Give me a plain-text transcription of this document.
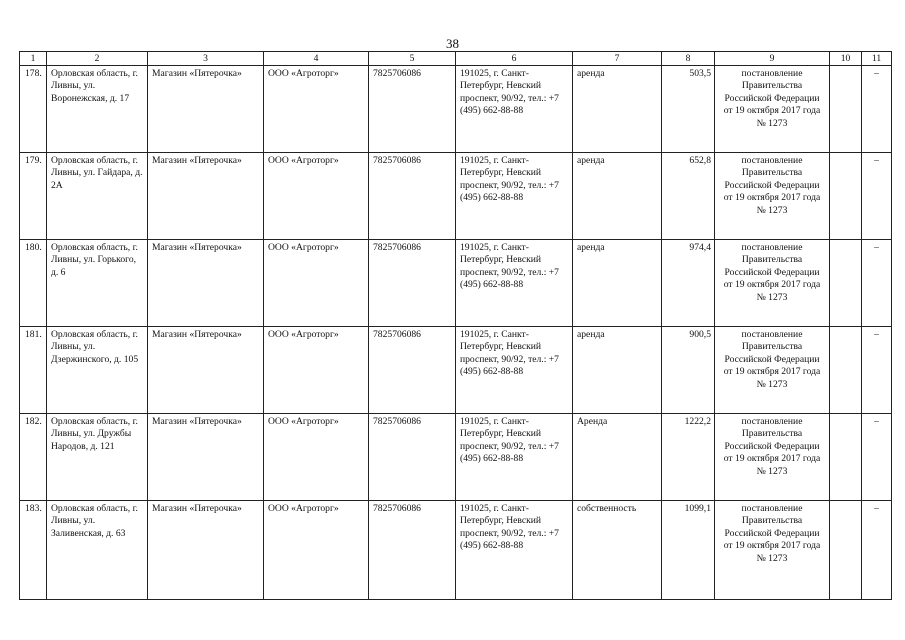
38
1	2	3	4	5	6	7	8	9	10	11
178.	Орловская область, г. Ливны, ул. Воронежская, д. 17	Магазин «Пятерочка»	ООО «Агроторг»	7825706086	191025, г. Санкт-Петербург, Невский проспект, 90/92, тел.: +7 (495) 662-88-88	аренда	503,5	постановление Правительства Российской Федерации от 19 октября 2017 года № 1273		–
179.	Орловская область, г. Ливны, ул. Гайдара, д. 2А	Магазин «Пятерочка»	ООО «Агроторг»	7825706086	191025, г. Санкт-Петербург, Невский проспект, 90/92, тел.: +7 (495) 662-88-88	аренда	652,8	постановление Правительства Российской Федерации от 19 октября 2017 года № 1273		–
180.	Орловская область, г. Ливны, ул. Горького, д. 6	Магазин «Пятерочка»	ООО «Агроторг»	7825706086	191025, г. Санкт-Петербург, Невский проспект, 90/92, тел.: +7 (495) 662-88-88	аренда	974,4	постановление Правительства Российской Федерации от 19 октября 2017 года № 1273		–
181.	Орловская область, г. Ливны, ул. Дзержинского, д. 105	Магазин «Пятерочка»	ООО «Агроторг»	7825706086	191025, г. Санкт-Петербург, Невский проспект, 90/92, тел.: +7 (495) 662-88-88	аренда	900,5	постановление Правительства Российской Федерации от 19 октября 2017 года № 1273		–
182.	Орловская область, г. Ливны, ул. Дружбы Народов, д. 121	Магазин «Пятерочка»	ООО «Агроторг»	7825706086	191025, г. Санкт-Петербург, Невский проспект, 90/92, тел.: +7 (495) 662-88-88	Аренда	1222,2	постановление Правительства Российской Федерации от 19 октября 2017 года № 1273		–
183.	Орловская область, г. Ливны, ул. Заливенская, д. 63	Магазин «Пятерочка»	ООО «Агроторг»	7825706086	191025, г. Санкт-Петербург, Невский проспект, 90/92, тел.: +7 (495) 662-88-88	собственность	1099,1	постановление Правительства Российской Федерации от 19 октября 2017 года № 1273		–
